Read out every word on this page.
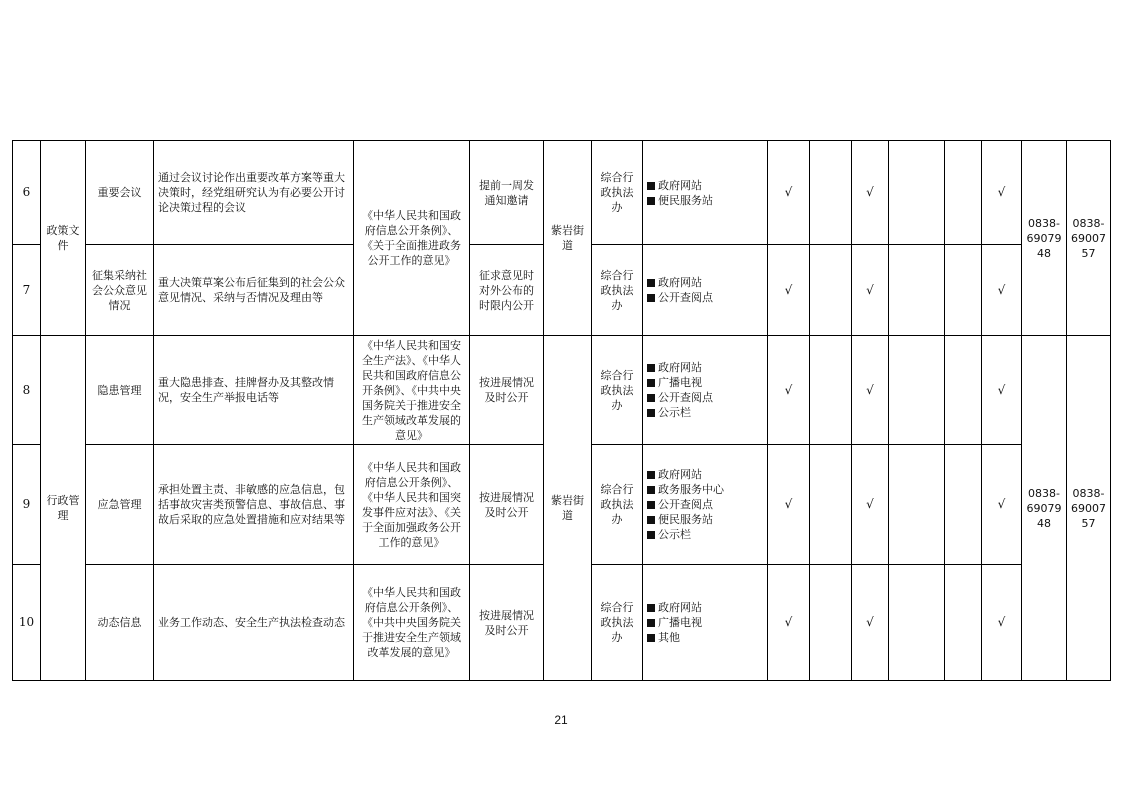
6	政策文件	重要会议	通过会议讨论作出重要改革方案等重大决策时，经党组研究认为有必要公开讨论决策过程的会议	《中华人民共和国政府信息公开条例》、《关于全面推进政务公开工作的意见》	提前一周发通知邀请	紫岩街道	综合行政执法办	政府网站
便民服务站	√		√			√	0838-6907948	0838-6900757
7		征集采纳社会公众意见情况	重大决策草案公布后征集到的社会公众意见情况、采纳与否情况及理由等		征求意见时对外公布的时限内公开		综合行政执法办	政府网站
公开查阅点	√		√			√		
8	行政管理	隐患管理	重大隐患排查、挂牌督办及其整改情况，安全生产举报电话等	《中华人民共和国安全生产法》、《中华人民共和国政府信息公开条例》、《中共中央国务院关于推进安全生产领域改革发展的意见》	按进展情况及时公开	紫岩街道	综合行政执法办	政府网站
广播电视
公开查阅点
公示栏	√		√			√	0838-6907948	0838-6900757
9		应急管理	承担处置主责、非敏感的应急信息，包括事故灾害类预警信息、事故信息、事故后采取的应急处置措施和应对结果等	《中华人民共和国政府信息公开条例》、《中华人民共和国突发事件应对法》、《关于全面加强政务公开工作的意见》	按进展情况及时公开		综合行政执法办	政府网站
政务服务中心
公开查阅点
便民服务站
公示栏	√		√			√		
10		动态信息	业务工作动态、安全生产执法检查动态	《中华人民共和国政府信息公开条例》、《中共中央国务院关于推进安全生产领域改革发展的意见》	按进展情况及时公开		综合行政执法办	政府网站
广播电视
其他	√		√			√		
21
